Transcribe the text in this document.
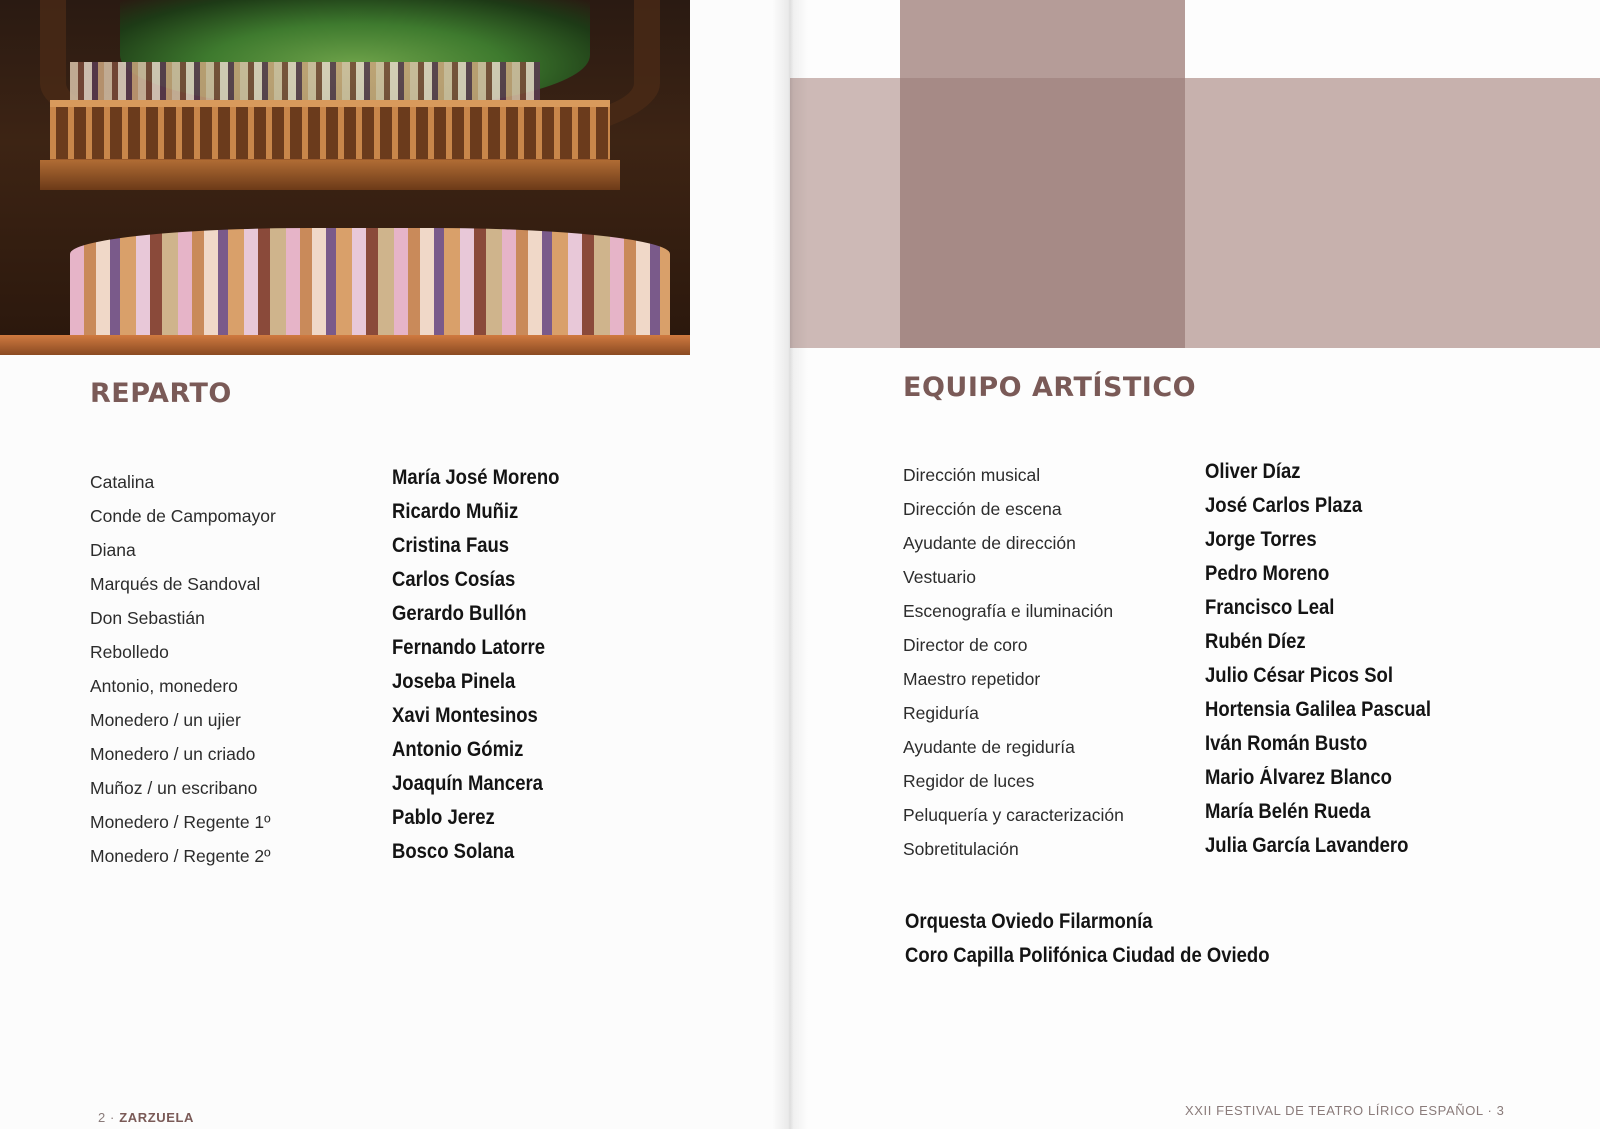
REPARTO
Catalina
Conde de Campomayor
Diana
Marqués de Sandoval
Don Sebastián
Rebolledo
Antonio, monedero
Monedero / un ujier
Monedero / un criado
Muñoz / un escribano
Monedero / Regente 1º
Monedero / Regente 2º
María José Moreno
Ricardo Muñiz
Cristina Faus
Carlos Cosías
Gerardo Bullón
Fernando Latorre
Joseba Pinela
Xavi Montesinos
Antonio Gómiz
Joaquín Mancera
Pablo Jerez
Bosco Solana
2 · ZARZUELA
EQUIPO ARTÍSTICO
Dirección musical
Dirección de escena
Ayudante de dirección
Vestuario
Escenografía e iluminación
Director de coro
Maestro repetidor
Regiduría
Ayudante de regiduría
Regidor de luces
Peluquería y caracterización
Sobretitulación
Oliver Díaz
José Carlos Plaza
Jorge Torres
Pedro Moreno
Francisco Leal
Rubén Díez
Julio César Picos Sol
Hortensia Galilea Pascual
Iván Román Busto
Mario Álvarez Blanco
María Belén Rueda
Julia García Lavandero
Orquesta Oviedo Filarmonía
Coro Capilla Polifónica Ciudad de Oviedo
XXII FESTIVAL DE TEATRO LÍRICO ESPAÑOL · 3
